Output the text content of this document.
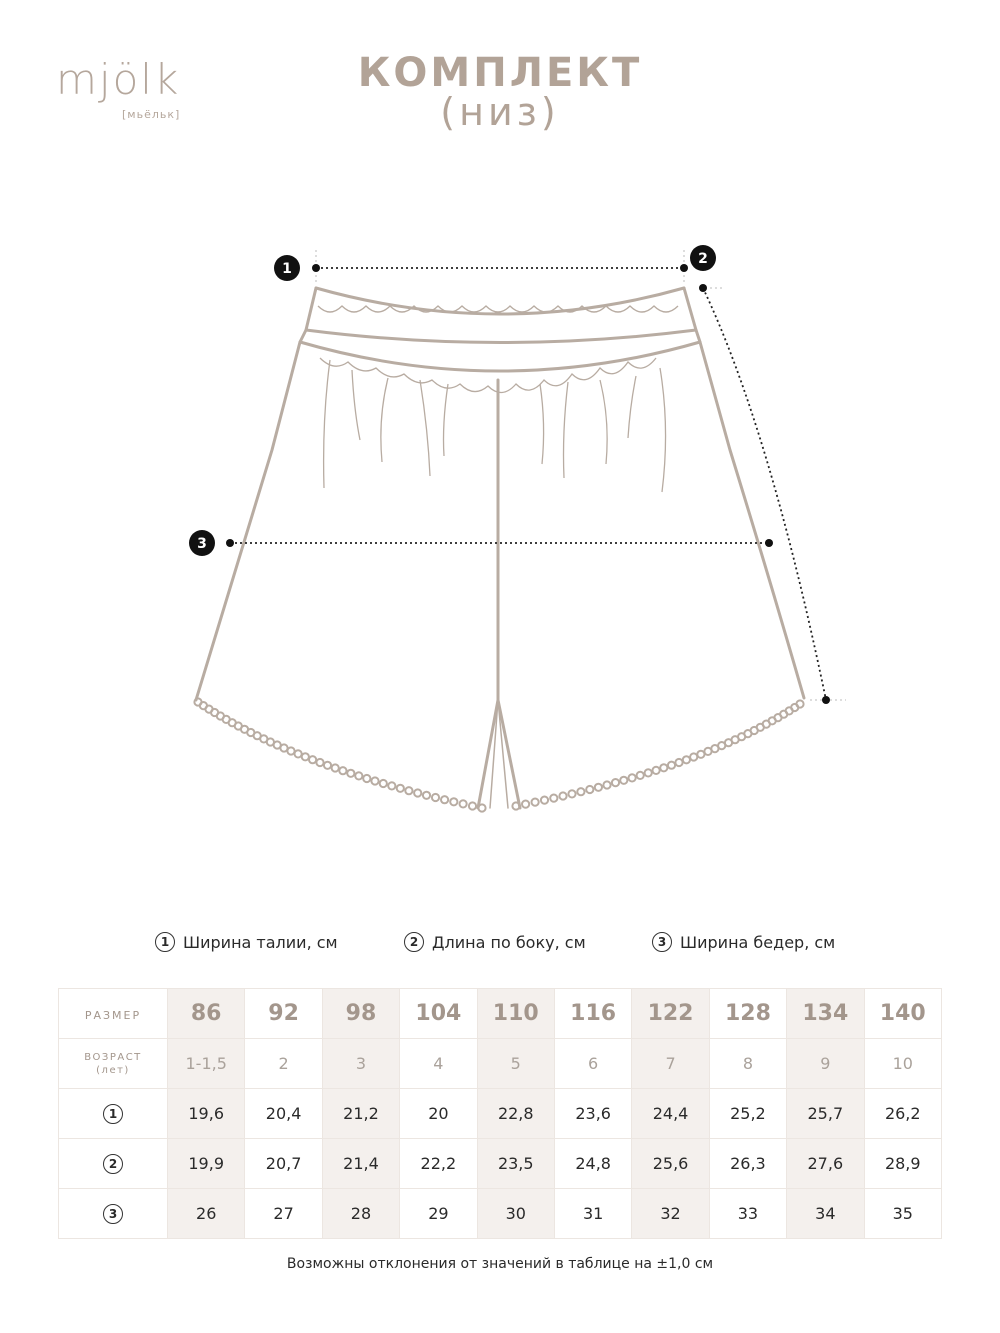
mjölk
[мьёльк]
КОМПЛЕКТ
(низ)
1
2
3
1 Ширина талии, см	2 Длина по боку, см	3 Ширина бедер, см
РАЗМЕР	86	92	98	104	110	116	122	128	134	140

ВОЗРАСТ
(лет)	1-1,5	2	3	4	5	6	7	8	9	10
1	19,6	20,4	21,2	20	22,8	23,6	24,4	25,2	25,7	26,2
2	19,9	20,7	21,4	22,2	23,5	24,8	25,6	26,3	27,6	28,9
3	26	27	28	29	30	31	32	33	34	35
Возможны отклонения от значений в таблице на ±1,0 см
